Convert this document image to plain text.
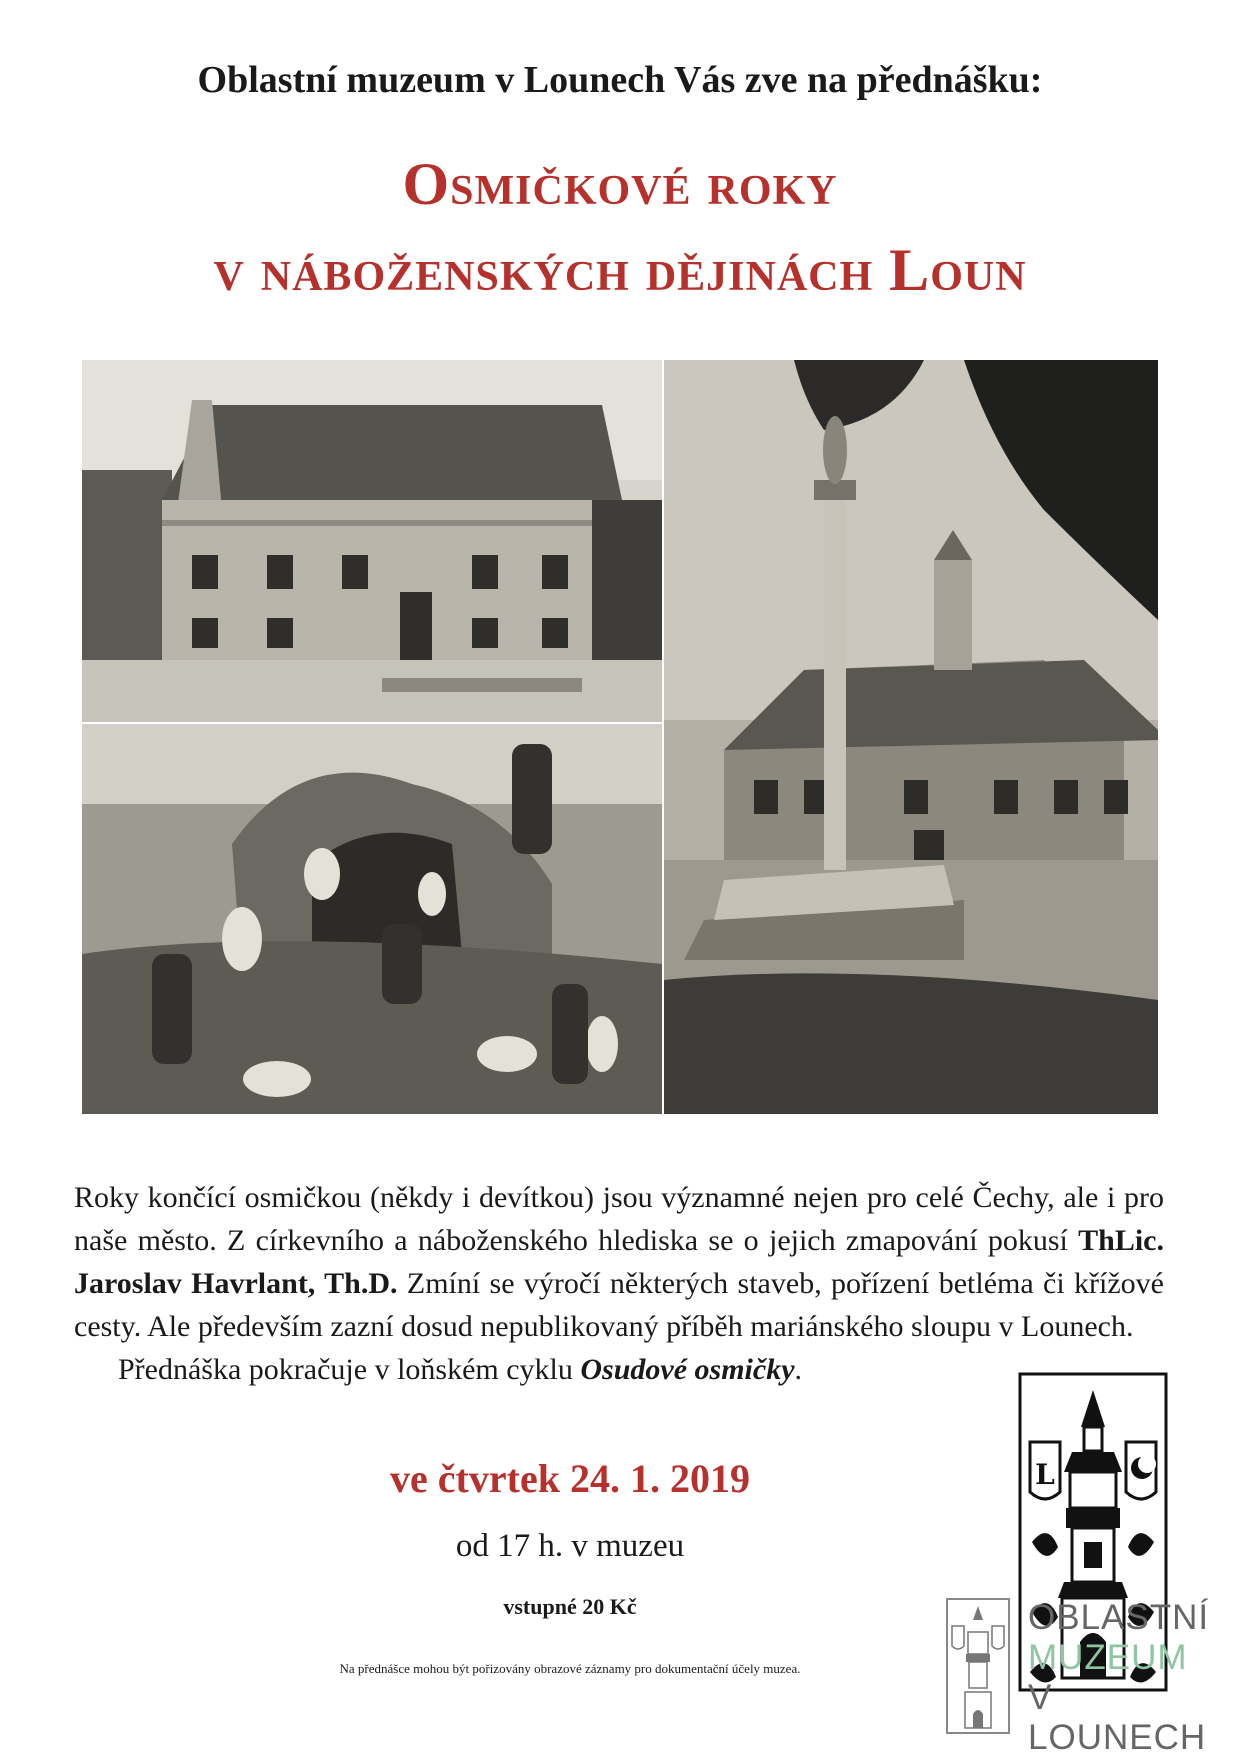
Oblastní muzeum v Lounech Vás zve na přednášku:
Osmičkové roky
v náboženských dějinách Loun

Roky končící osmičkou (někdy i devítkou) jsou významné nejen pro celé Čechy, ale i pro naše město. Z církevního a náboženského hlediska se o jejich zmapování pokusí ThLic. Jaroslav Havrlant, Th.D. Zmíní se výročí některých staveb, pořízení betléma či křížové cesty. Ale především zazní dosud nepublikovaný příběh mariánského sloupu v Lounech.

Přednáška pokračuje v loňském cyklu Osudové osmičky.

ve čtvrtek 24. 1. 2019
od 17 h. v muzeu
vstupné 20 Kč
Na přednášce mohou být pořizovány obrazové záznamy pro dokumentační účely muzea.
L
OBLASTNÍ
MUZEUM
V LOUNECH
